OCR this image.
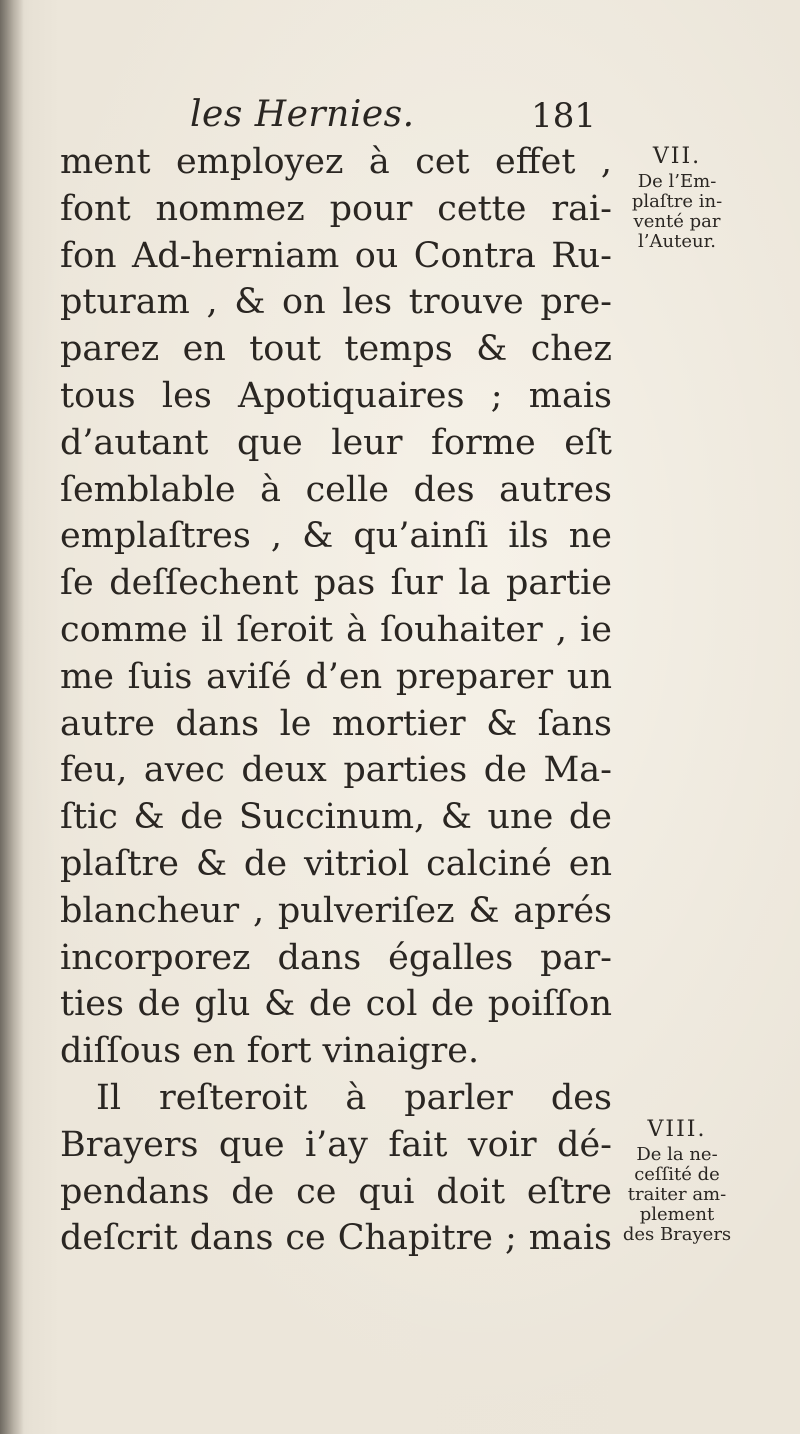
les Hernies.	181
ment employez à cet effet ,
font nommez pour cette rai-
fon Ad-herniam ou Contra Ru-
pturam , & on les trouve pre-
parez en tout temps & chez
tous les Apotiquaires ; mais
d’autant que leur forme eſt
ſemblable à celle des autres
emplaſtres , & qu’ainſi ils ne
ſe deſſechent pas ſur la partie
comme il ſeroit à ſouhaiter , ie
me ſuis aviſé d’en preparer un
autre dans le mortier & ſans
feu, avec deux parties de Ma-
ſtic & de Succinum, & une de
plaſtre & de vitriol calciné en
blancheur , pulveriſez & aprés
incorporez dans égalles par-
ties de glu & de col de poiſſon
diſſous en fort vinaigre.
Il reſteroit à parler des
Brayers que i’ay fait voir dé-
pendans de ce qui doit eſtre
deſcrit dans ce Chapitre ; mais
VII.
De l’Em-
plaſtre in-
venté par
l’Auteur.
VIII.
De la ne-
ceſſité de
traiter am-
plement
des Brayers
